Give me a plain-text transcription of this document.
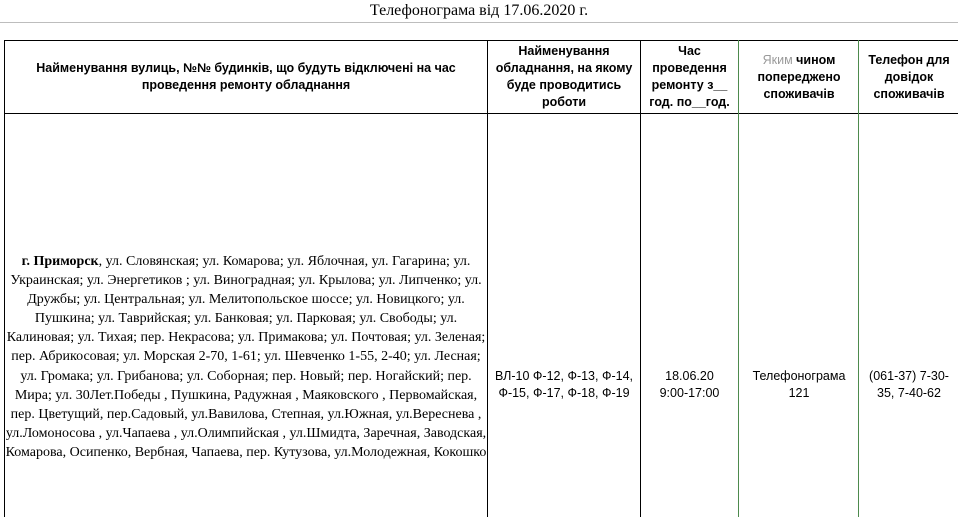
Телефонограма від 17.06.2020 г.
Найменування вулиць, №№ будинків, що будуть відключені на час проведення ремонту обладнання
Найменування обладнання, на якому буде проводитись роботи
Час проведення ремонту з__ год. по__год.
Яким чином попереджено споживачів
Телефон для довідок споживачів
г. Приморск, ул. Словянская; ул. Комарова; ул. Яблочная, ул. Гагарина; ул. Украинская; ул. Энергетиков ; ул. Виноградная; ул. Крылова; ул. Липченко; ул. Дружбы; ул. Центральная; ул. Мелитопольское шоссе; ул. Новицкого; ул. Пушкина; ул. Таврийская; ул. Банковая; ул. Парковая; ул. Свободы; ул. Калиновая; ул. Тихая; пер. Некрасова; ул. Примакова; ул. Почтовая; ул. Зеленая; пер. Абрикосовая; ул. Морская 2-70, 1-61; ул. Шевченко 1-55, 2-40; ул. Лесная; ул. Громака; ул. Грибанова; ул. Соборная; пер. Новый; пер. Ногайский; пер. Мира; ул. 30Лет.Победы , Пушкина, Радужная , Маяковского , Первомайская, пер. Цветущий, пер.Садовый, ул.Вавилова, Степная, ул.Южная, ул.Вереснева , ул.Ломоносова , ул.Чапаева , ул.Олимпийская , ул.Шмидта, Заречная, Заводская, Комарова, Осипенко, Вербная, Чапаева, пер. Кутузова, ул.Молодежная, Кокошко
ВЛ-10 Ф-12, Ф-13, Ф-14, Ф-15, Ф-17, Ф-18, Ф-19
18.06.20
9:00-17:00
Телефонограма 121
(061-37) 7-30-35, 7-40-62
